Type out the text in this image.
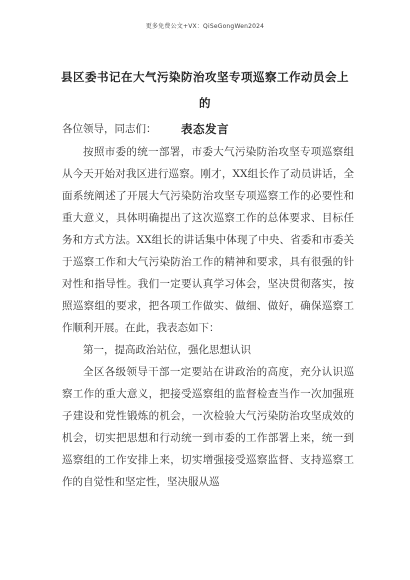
更多免费公文+VX：QiSeGongWen2024
县区委书记在大气污染防治攻坚专项巡察工作动员会上的
表态发言
各位领导，同志们：

按照市委的统一部署，市委大气污染防治攻坚专项巡察组从今天开始对我区进行巡察。刚才，XX组长作了动员讲话，全面系统阐述了开展大气污染防治攻坚专项巡察工作的必要性和重大意义，具体明确提出了这次巡察工作的总体要求、目标任务和方式方法。XX组长的讲话集中体现了中央、省委和市委关于巡察工作和大气污染防治工作的精神和要求，具有很强的针对性和指导性。我们一定要认真学习体会，坚决贯彻落实，按照巡察组的要求，把各项工作做实、做细、做好，确保巡察工作顺利开展。在此，我表态如下：

第一，提高政治站位，强化思想认识

全区各级领导干部一定要站在讲政治的高度，充分认识巡察工作的重大意义，把接受巡察组的监督检查当作一次加强班子建设和党性锻炼的机会，一次检验大气污染防治攻坚成效的机会，切实把思想和行动统一到市委的工作部署上来，统一到巡察组的工作安排上来，切实增强接受巡察监督、支持巡察工作的自觉性和坚定性，坚决服从巡
